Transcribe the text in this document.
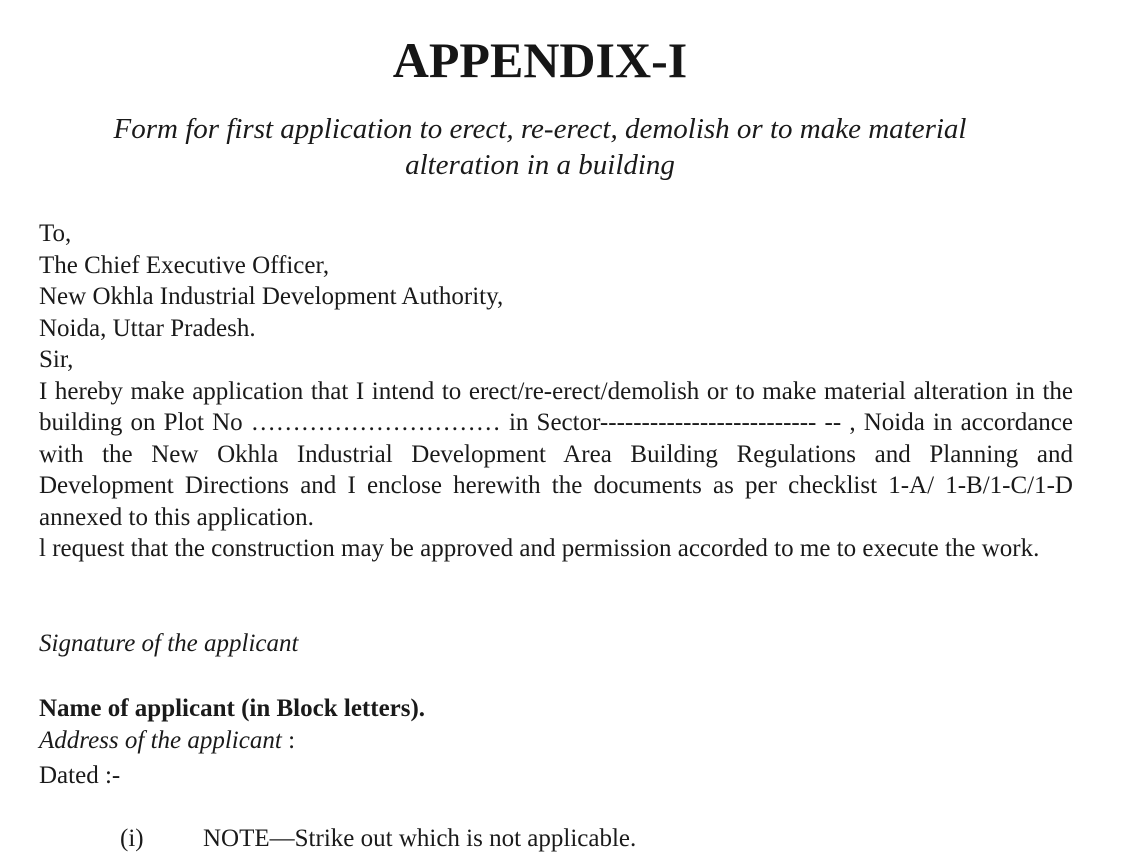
APPENDIX-I
Form for first application to erect, re-erect, demolish or to make material
alteration in a building
To,
The Chief Executive Officer,
New Okhla Industrial Development Authority,
Noida, Uttar Pradesh.
Sir,
I hereby make application that I intend to erect/re-erect/demolish or to make material alteration in the building on Plot No ………………………… in Sector-------------------------- -- , Noida in accordance with the New Okhla Industrial Development Area Building Regulations and Planning and Development Directions and I enclose herewith the documents as per checklist 1-A/ 1-B/1-C/1-D annexed to this application.
l request that the construction may be approved and permission accorded to me to execute the work.
Signature of the applicant
Name of applicant (in Block letters).
Address of the applicant :
Dated :-
(i) NOTE—Strike out which is not applicable.
